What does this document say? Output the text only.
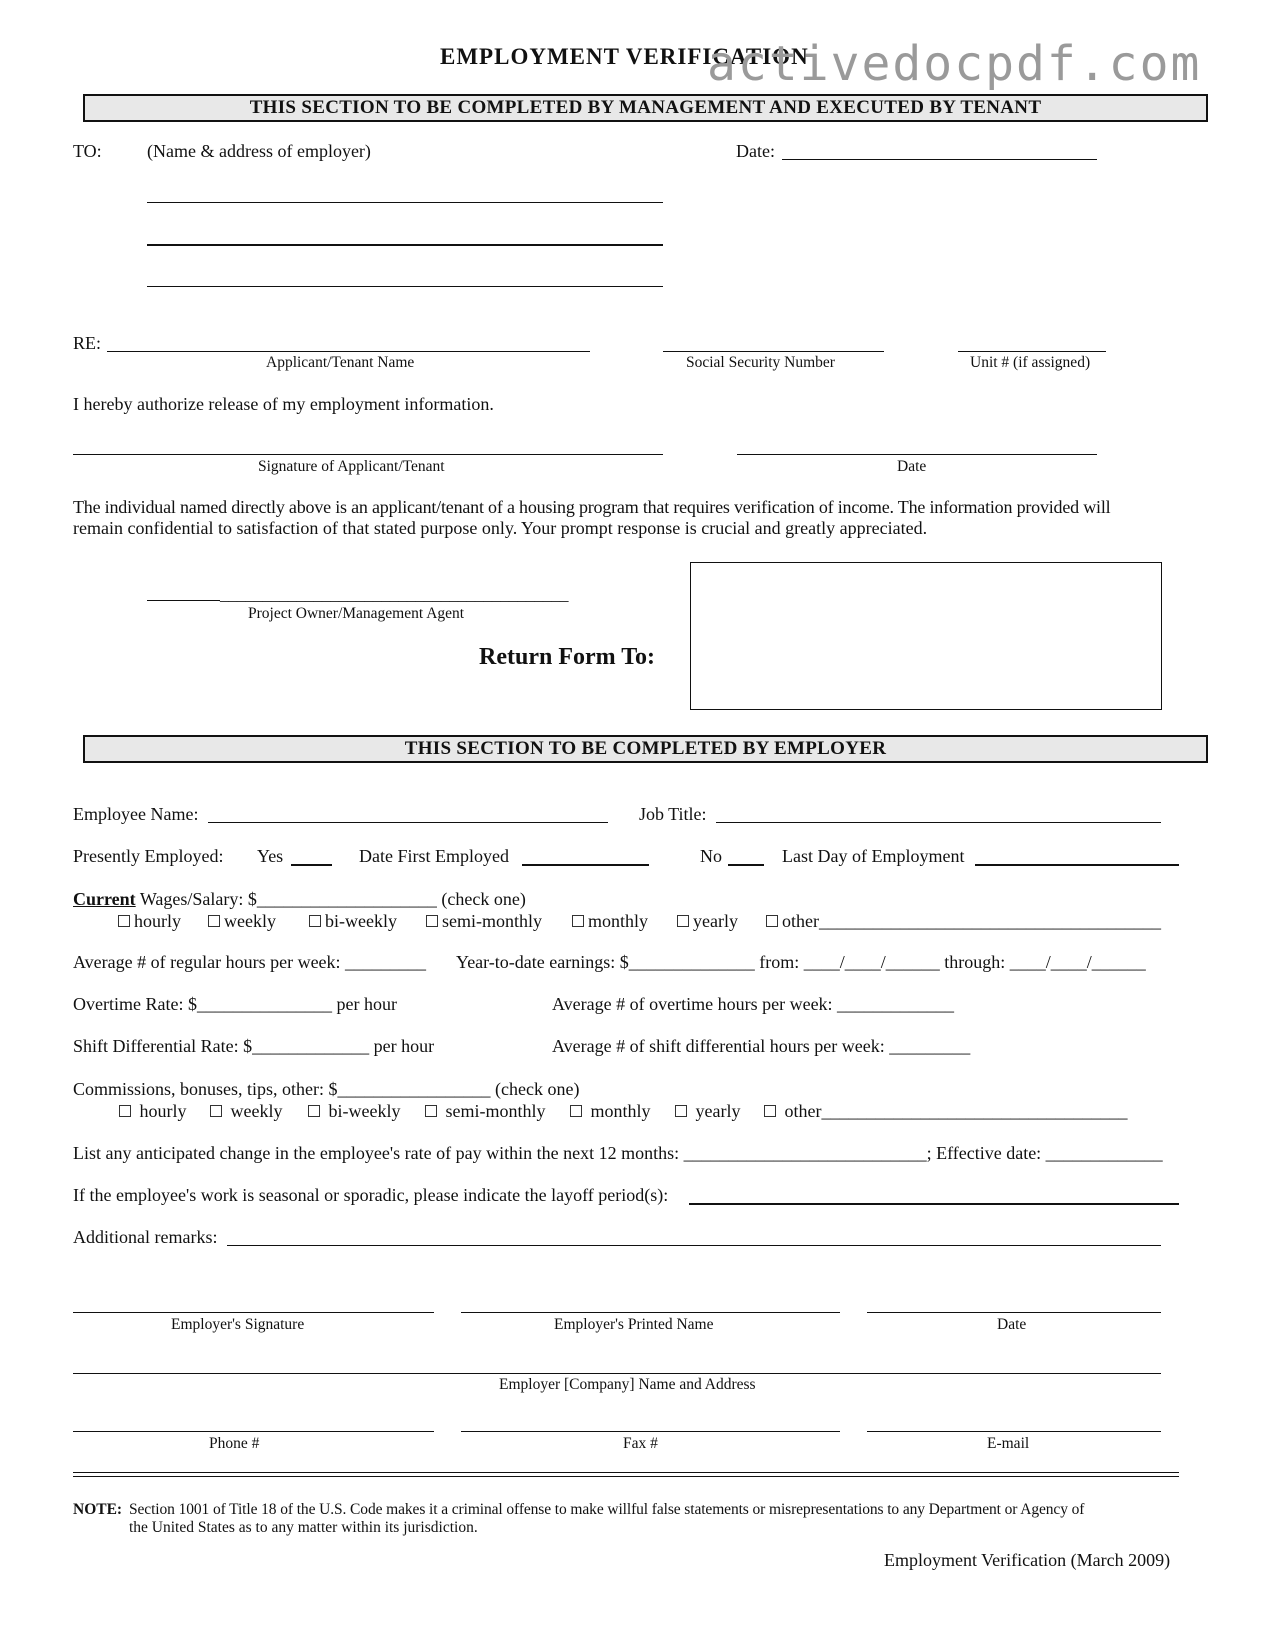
EMPLOYMENT VERIFICATION
activedocpdf.com
THIS SECTION TO BE COMPLETED BY MANAGEMENT AND EXECUTED BY TENANT
TO:	(Name & address of employer)	Date:
RE:
Applicant/Tenant Name	Social Security Number	Unit # (if assigned)
I hereby authorize release of my employment information.
Signature of Applicant/Tenant	Date
The individual named directly above is an applicant/tenant of a housing program that requires verification of income. The information provided will
remain confidential to satisfaction of that stated purpose only. Your prompt response is crucial and greatly appreciated.
_________________________________________
Project Owner/Management Agent
Return Form To:
THIS SECTION TO BE COMPLETED BY EMPLOYER
Employee Name:	Job Title:
Presently Employed: Yes	Date First Employed	No	Last Day of Employment
Current Wages/Salary: $____________________ (check one)
hourly weekly	bi-weekly	semi-monthly	monthly yearly other______________________________________
Average # of regular hours per week: _________ Year-to-date earnings: $______________ from: ____/____/______ through: ____/____/______
Overtime Rate: $_______________ per hour	Average # of overtime hours per week: _____________
Shift Differential Rate: $_____________ per hour	Average # of shift differential hours per week: _________
Commissions, bonuses, tips, other: $_________________ (check one)
hourly weekly	bi-weekly	semi-monthly	monthly yearly other__________________________________
List any anticipated change in the employee's rate of pay within the next 12 months: ___________________________; Effective date: _____________
If the employee's work is seasonal or sporadic, please indicate the layoff period(s):
Additional remarks:
Employer's Signature	Employer's Printed Name	Date
Employer [Company] Name and Address
Phone #	Fax #	E-mail
NOTE: Section 1001 of Title 18 of the U.S. Code makes it a criminal offense to make willful false statements or misrepresentations to any Department or Agency of
the United States as to any matter within its jurisdiction.
Employment Verification (March 2009)
